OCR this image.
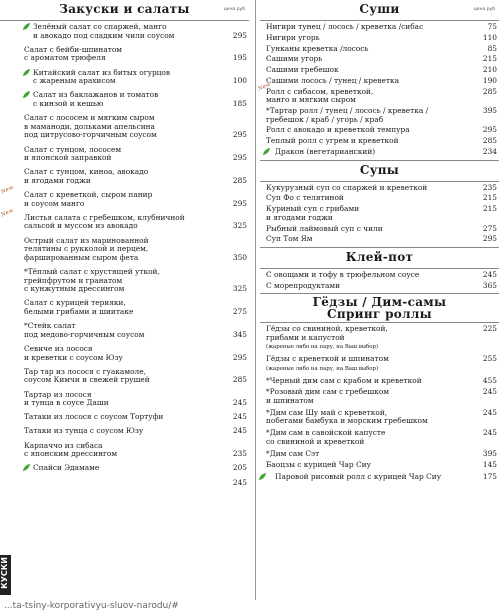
Закуски и салаты	цена руб
Зелёный салат со спаржей, манго
и авокадо под сладким чили соусом	295
Салат с бейби-шпинатом
с ароматом трюфеля	195
Китайский салат из битых огурцов
с жареным арахисом	100
Салат из баклажанов и томатов
с кинзой и кешью	185
Салат с лососем и мягким сыром
в маманоди, дольками апельсина
под цитрусово-горчичным соусом	295
Салат с тунцом, лососем
и японской заправкой	295
Салат с тунцом, киноа, авокадо
и ягодами годжи	285
Салат с креветкой, сыром панир
и соусом манго	295
New
Листья салата с гребешком, клубничной
сальсой и муссом из авокадо	325
New
Острый салат из маринованной
телятины с рукколой и перцем,
фаршированным сыром фета	350
*Тёплый салат с хрустящей уткой,
грейпфрутом и гранатом
с кунжутным дрессингом	325
Салат с курицей терияки,
белыми грибами и шиитаке	275
*Стейк салат
под медово-горчичным соусом	345
Севиче из лосося
и креветки с соусом Юзу	295
Тар тар из лосося с гуакамоле,
соусом Кимчи и свежей грушей	285
Тартар из лосося
и тунца в соусе Даши	245
Татаки из лосося с соусом Тортуфи	245
Татаки из тунца с соусом Юзу	245
Карпаччо из сибаса
с японским дрессингом	235
Спайси Эдамаме	205
245
Суши	цена руб
Нигири тунец / лосось / креветка /сибас	75
Нигири угорь	110
Гунканы креветка /лосось	85
Сашими угорь	215
Сашими гребешок	210
Сашими лосось / тунец / креветка	190
Ролл с сибасом, креветкой,
манго и мягким сыром
285
New
*Тартар ролл / тунец / лосось / креветка /
гребешок / краб / угорь / краб
395
Ролл с авокадо и креветкой темпура	295
Теплый ролл с угрем и креветкой	285
Дракон (вегетарианский)	234
Супы
Кукурузный суп со спаржей и креветкой	235
Суп Фо с телятиной	215
Куриный суп с грибами
и ягодами годжи
215
Рыбный лаймовый суп с чили	275
Суп Том Ям	295
Клей-пот
С овощами и тофу в трюфельном соусе	245
С морепродуктами	365
Гёдзы / Дим-самы
Спринг роллы
Гёдзы со свининой, креветкой,
грибами и капустой
(жареные либо на пару, на Ваш выбор)
225
Гёдзы с креветкой и шпинатом
(жареные либо на пару, на Ваш выбор)
255
*Черный дим сам с крабом и креветкой	455
*Розовый дим сам с гребешком
и шпинатом
245
*Дим сам Шу май с креветкой,
побегами бамбука и морским гребешком
245
*Дим сам в савойской капусте
со свининой и креветкой
245
*Дим сам Сэт	395
Баоцзы с курицей Чар Сиу	145
Паровой рисовый ролл с курицей Чар Сиу	175
КУСКИ
...ta-tsiny-korporativyu-sluov-narodu/#
